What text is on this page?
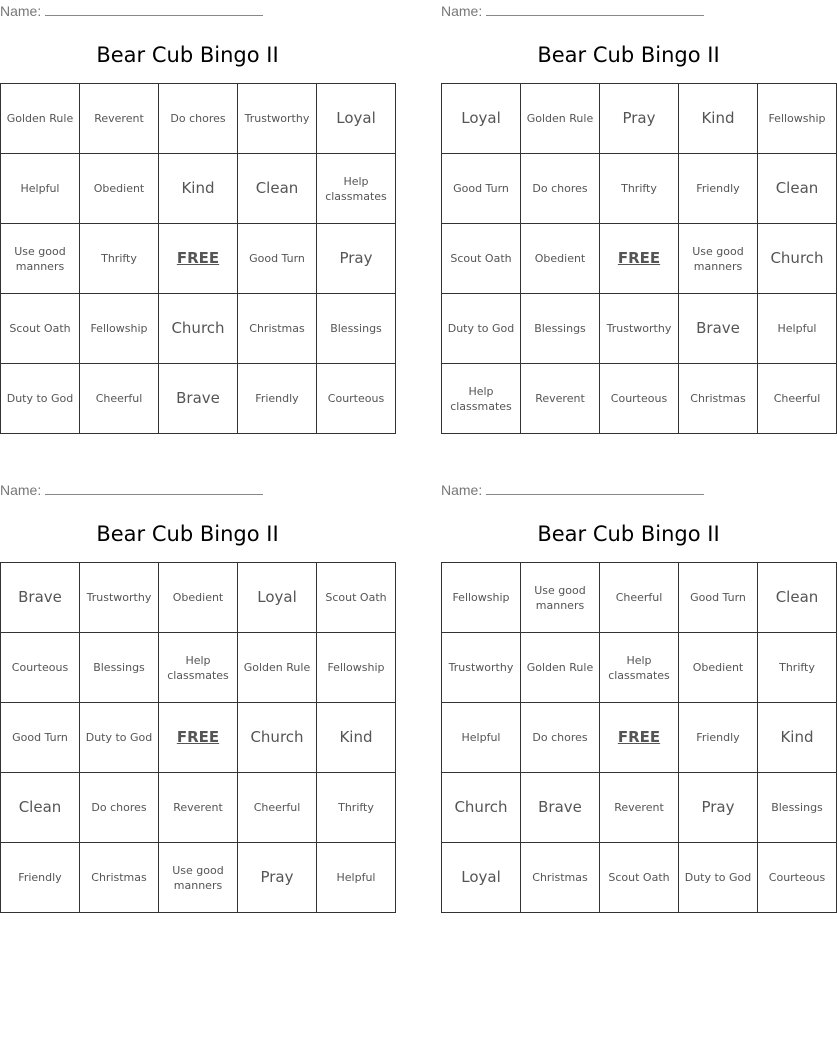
Name:
Bear Cub Bingo II
Golden Rule	Reverent	Do chores	Trustworthy	Loyal
Helpful	Obedient	Kind	Clean	Help classmates
Use good manners	Thrifty	FREE	Good Turn	Pray
Scout Oath	Fellowship	Church	Christmas	Blessings
Duty to God	Cheerful	Brave	Friendly	Courteous
Name:
Bear Cub Bingo II
Loyal	Golden Rule	Pray	Kind	Fellowship
Good Turn	Do chores	Thrifty	Friendly	Clean
Scout Oath	Obedient	FREE	Use good manners	Church
Duty to God	Blessings	Trustworthy	Brave	Helpful
Help classmates	Reverent	Courteous	Christmas	Cheerful
Name:
Bear Cub Bingo II
Brave	Trustworthy	Obedient	Loyal	Scout Oath
Courteous	Blessings	Help classmates	Golden Rule	Fellowship
Good Turn	Duty to God	FREE	Church	Kind
Clean	Do chores	Reverent	Cheerful	Thrifty
Friendly	Christmas	Use good manners	Pray	Helpful
Name:
Bear Cub Bingo II
Fellowship	Use good manners	Cheerful	Good Turn	Clean
Trustworthy	Golden Rule	Help classmates	Obedient	Thrifty
Helpful	Do chores	FREE	Friendly	Kind
Church	Brave	Reverent	Pray	Blessings
Loyal	Christmas	Scout Oath	Duty to God	Courteous
